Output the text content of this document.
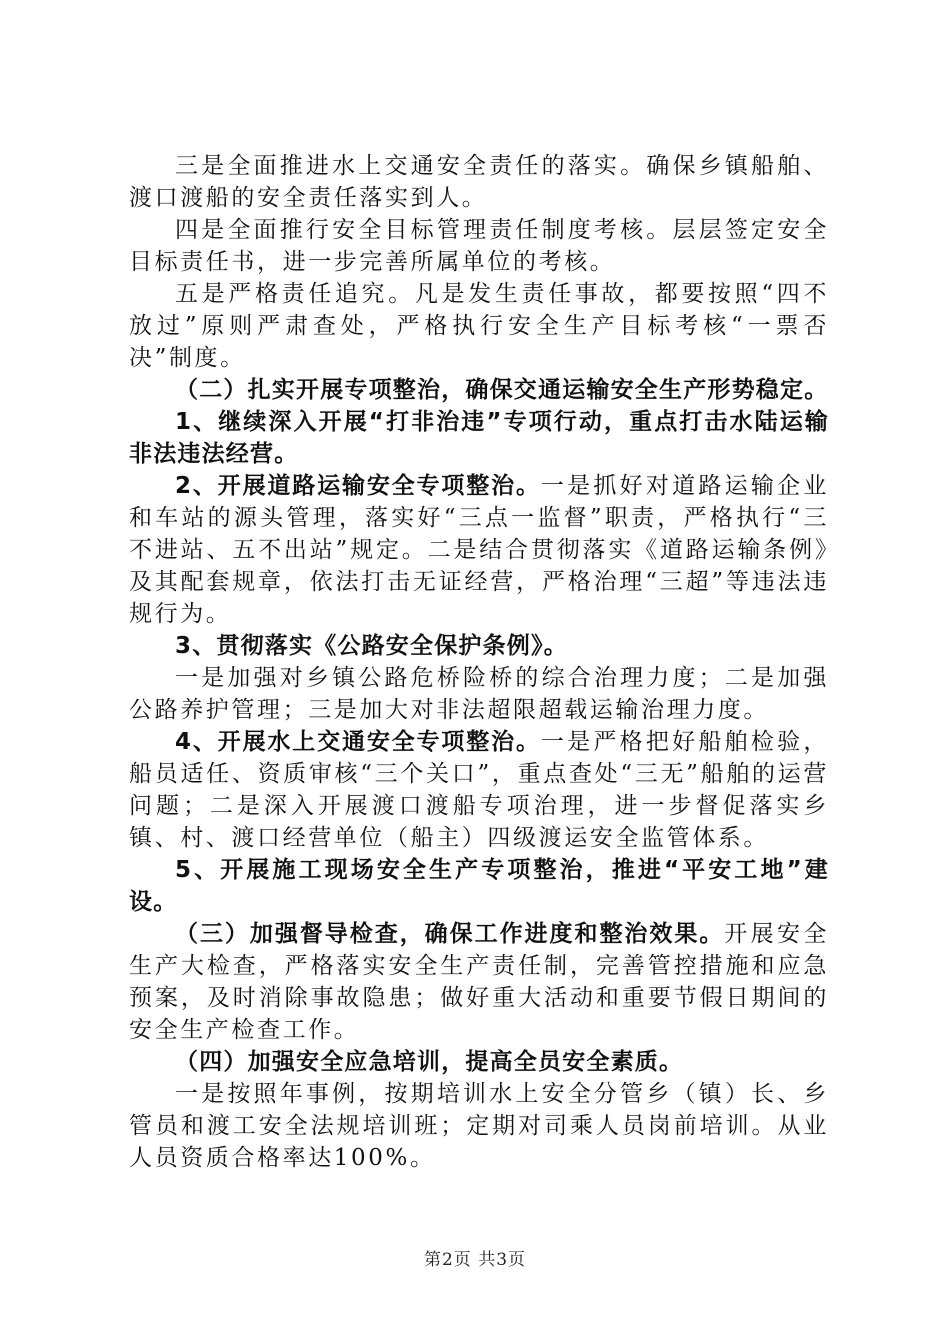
三是全面推进水上交通安全责任的落实。确保乡镇船舶、渡口渡船的安全责任落实到人。

四是全面推行安全目标管理责任制度考核。层层签定安全目标责任书，进一步完善所属单位的考核。

五是严格责任追究。凡是发生责任事故，都要按照“四不放过”原则严肃查处，严格执行安全生产目标考核“一票否决”制度。

（二）扎实开展专项整治，确保交通运输安全生产形势稳定。

1、继续深入开展“打非治违”专项行动，重点打击水陆运输非法违法经营。

2、开展道路运输安全专项整治。一是抓好对道路运输企业和车站的源头管理，落实好“三点一监督”职责，严格执行“三不进站、五不出站”规定。二是结合贯彻落实《道路运输条例》及其配套规章，依法打击无证经营，严格治理“三超”等违法违规行为。

3、贯彻落实《公路安全保护条例》。

一是加强对乡镇公路危桥险桥的综合治理力度；二是加强公路养护管理；三是加大对非法超限超载运输治理力度。

4、开展水上交通安全专项整治。一是严格把好船舶检验，船员适任、资质审核“三个关口”，重点查处“三无”船舶的运营问题；二是深入开展渡口渡船专项治理，进一步督促落实乡镇、村、渡口经营单位（船主）四级渡运安全监管体系。

5、开展施工现场安全生产专项整治，推进“平安工地”建设。

（三）加强督导检查，确保工作进度和整治效果。开展安全生产大检查，严格落实安全生产责任制，完善管控措施和应急预案，及时消除事故隐患；做好重大活动和重要节假日期间的安全生产检查工作。

（四）加强安全应急培训，提高全员安全素质。

一是按照年事例，按期培训水上安全分管乡（镇）长、乡管员和渡工安全法规培训班；定期对司乘人员岗前培训。从业人员资质合格率达100%。

第2页 共3页
